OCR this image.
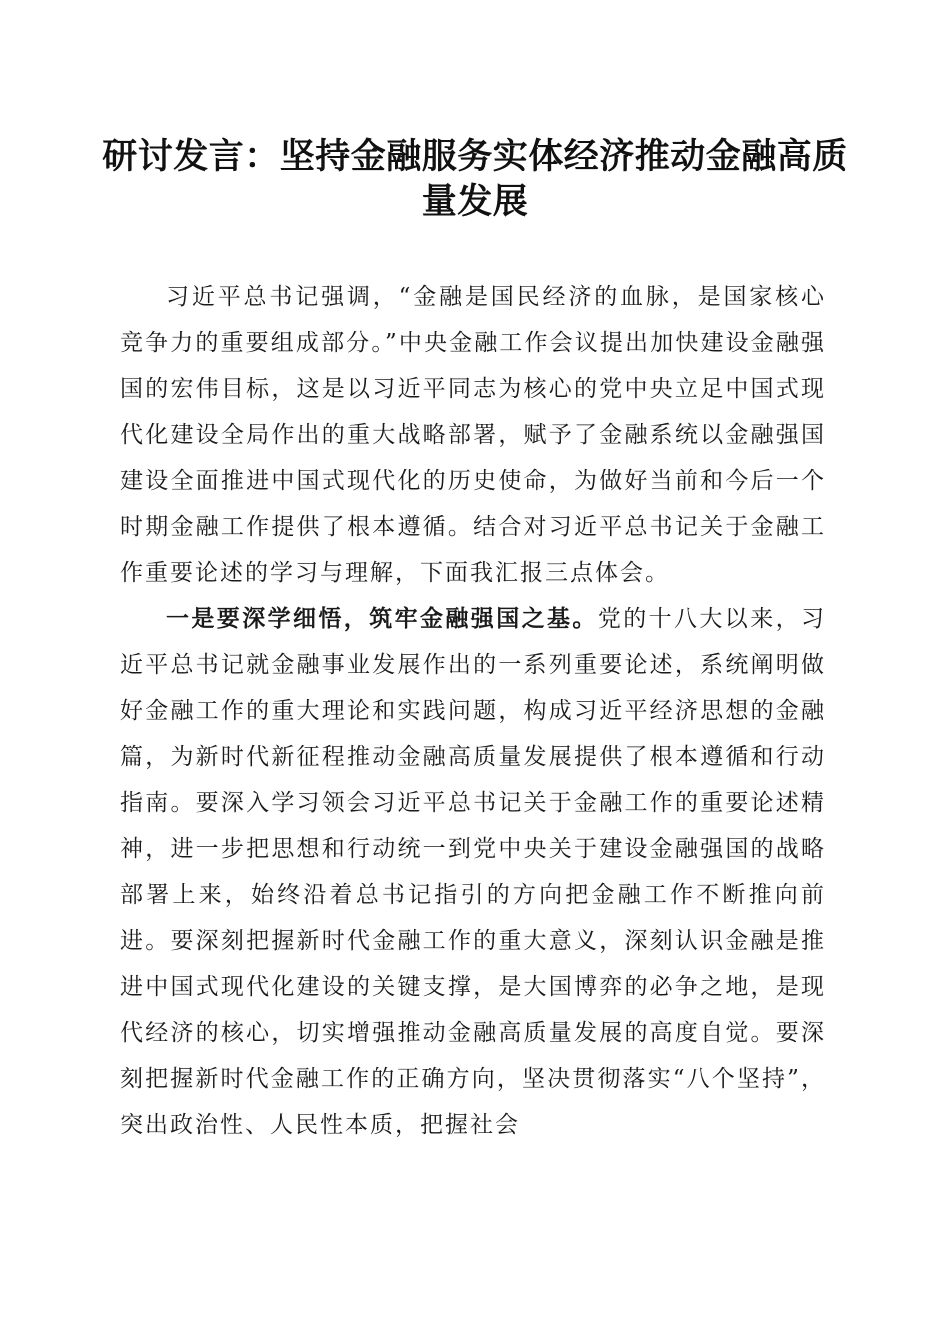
研讨发言：坚持金融服务实体经济推动金融高质量发展

习近平总书记强调，“金融是国民经济的血脉，是国家核心竞争力的重要组成部分。”中央金融工作会议提出加快建设金融强国的宏伟目标，这是以习近平同志为核心的党中央立足中国式现代化建设全局作出的重大战略部署，赋予了金融系统以金融强国建设全面推进中国式现代化的历史使命，为做好当前和今后一个时期金融工作提供了根本遵循。结合对习近平总书记关于金融工作重要论述的学习与理解，下面我汇报三点体会。

一是要深学细悟，筑牢金融强国之基。党的十八大以来，习近平总书记就金融事业发展作出的一系列重要论述，系统阐明做好金融工作的重大理论和实践问题，构成习近平经济思想的金融篇，为新时代新征程推动金融高质量发展提供了根本遵循和行动指南。要深入学习领会习近平总书记关于金融工作的重要论述精神，进一步把思想和行动统一到党中央关于建设金融强国的战略部署上来，始终沿着总书记指引的方向把金融工作不断推向前进。要深刻把握新时代金融工作的重大意义，深刻认识金融是推进中国式现代化建设的关键支撑，是大国博弈的必争之地，是现代经济的核心，切实增强推动金融高质量发展的高度自觉。要深刻把握新时代金融工作的正确方向，坚决贯彻落实“八个坚持”，突出政治性、人民性本质，把握社会
